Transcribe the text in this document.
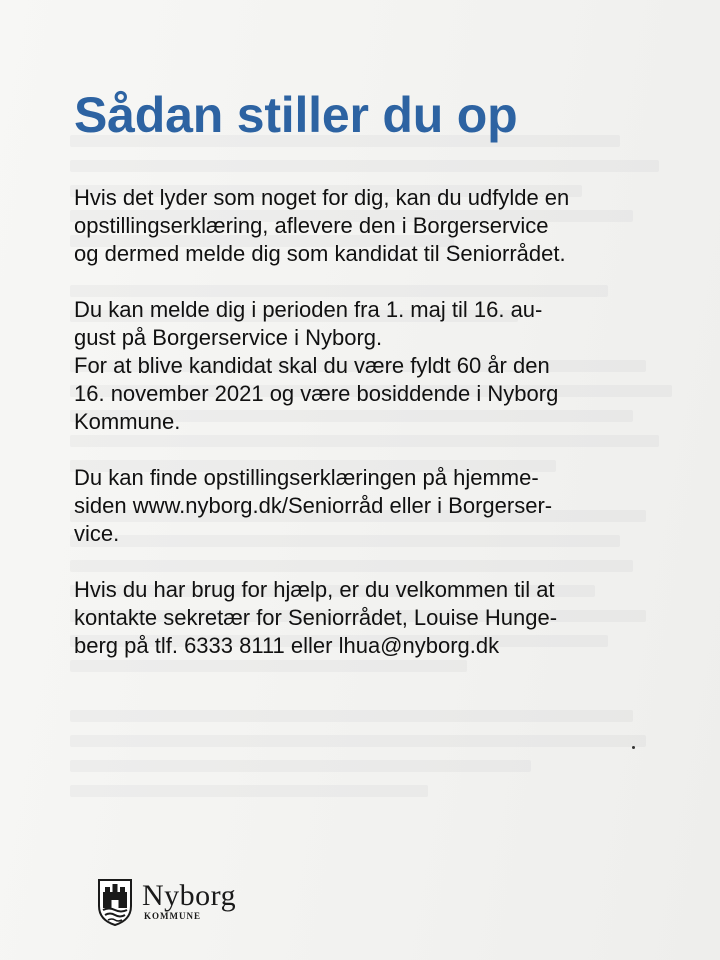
Sådan stiller du op

Hvis det lyder som noget for dig, kan du udfylde en
opstillingserklæring, aflevere den i Borgerservice
og dermed melde dig som kandidat til Seniorrådet.

Du kan melde dig i perioden fra 1. maj til 16. au-
gust på Borgerservice i Nyborg.
For at blive kandidat skal du være fyldt 60 år den
16. november 2021 og være bosiddende i Nyborg
Kommune.

Du kan finde opstillingserklæringen på hjemme-
siden www.nyborg.dk/Seniorråd eller i Borgerser-
vice.

Hvis du har brug for hjælp, er du velkommen til at
kontakte sekretær for Seniorrådet, Louise Hunge-
berg på tlf. 6333 8111 eller lhua@nyborg.dk

Nyborg
KOMMUNE
